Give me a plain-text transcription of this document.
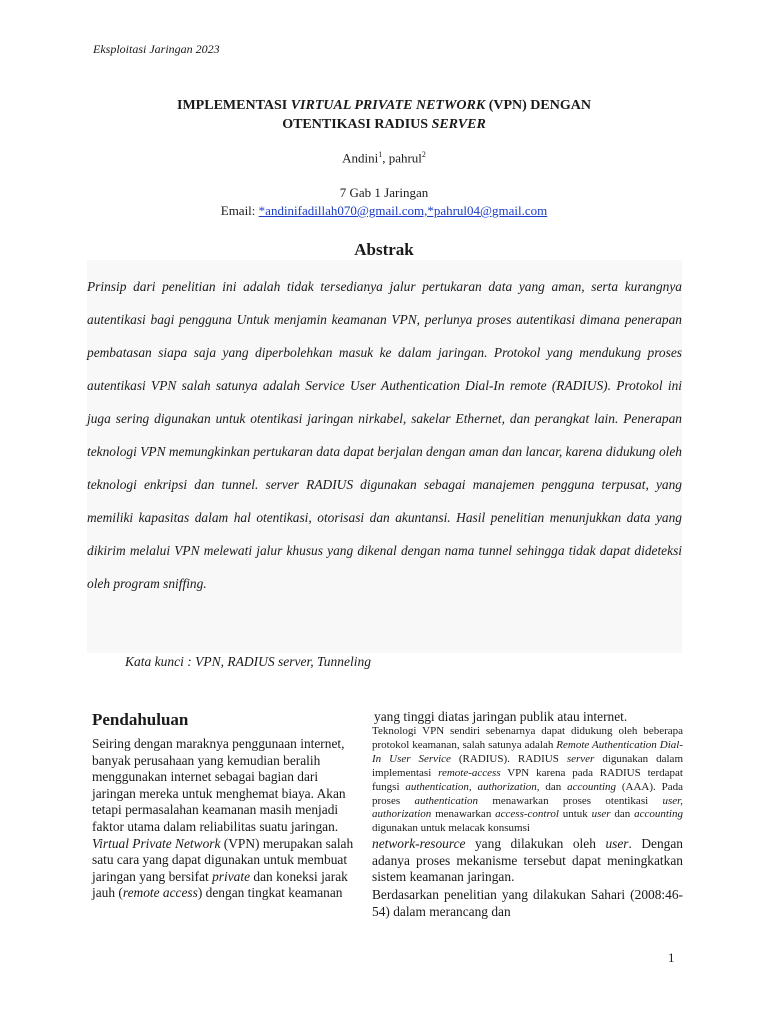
Eksploitasi Jaringan 2023
IMPLEMENTASI VIRTUAL PRIVATE NETWORK (VPN) DENGAN
OTENTIKASI RADIUS SERVER
Andini$^1$, pahrul$^2$
7 Gab 1 Jaringan
Email: *andinifadillah070@gmail.com,*pahrul04@gmail.com
Abstrak

Prinsip dari penelitian ini adalah tidak tersedianya jalur pertukaran data yang aman, serta kurangnya autentikasi bagi pengguna Untuk menjamin keamanan VPN, perlunya proses autentikasi dimana penerapan pembatasan siapa saja yang diperbolehkan masuk ke dalam jaringan. Protokol yang mendukung proses autentikasi VPN salah satunya adalah Service User Authentication Dial-In remote (RADIUS). Protokol ini juga sering digunakan untuk otentikasi jaringan nirkabel, sakelar Ethernet, dan perangkat lain. Penerapan teknologi VPN memungkinkan pertukaran data dapat berjalan dengan aman dan lancar, karena didukung oleh teknologi enkripsi dan tunnel. server RADIUS digunakan sebagai manajemen pengguna terpusat, yang memiliki kapasitas dalam hal otentikasi, otorisasi dan akuntansi. Hasil penelitian menunjukkan data yang dikirim melalui VPN melewati jalur khusus yang dikenal dengan nama tunnel sehingga tidak dapat dideteksi oleh program sniffing.

Kata kunci : VPN, RADIUS server, Tunneling
Pendahuluan

Seiring dengan maraknya penggunaan internet, banyak perusahaan yang kemudian beralih menggunakan internet sebagai bagian dari jaringan mereka untuk menghemat biaya. Akan tetapi permasalahan keamanan masih menjadi faktor utama dalam reliabilitas suatu jaringan. Virtual Private Network (VPN) merupakan salah satu cara yang dapat digunakan untuk membuat jaringan yang bersifat private dan koneksi jarak jauh (remote access) dengan tingkat keamanan

yang tinggi diatas jaringan publik atau internet.

Teknologi VPN sendiri sebenarnya dapat didukung oleh beberapa protokol keamanan, salah satunya adalah Remote Authentication Dial-In User Service (RADIUS). RADIUS server digunakan dalam implementasi remote-access VPN karena pada RADIUS terdapat fungsi authentication, authorization, dan accounting (AAA). Pada proses authentication menawarkan proses otentikasi user, authorization menawarkan access-control untuk user dan accounting digunakan untuk melacak konsumsi

network-resource yang dilakukan oleh user. Dengan adanya proses mekanisme tersebut dapat meningkatkan sistem keamanan jaringan.

Berdasarkan penelitian yang dilakukan Sahari (2008:46-54) dalam merancang dan

1
